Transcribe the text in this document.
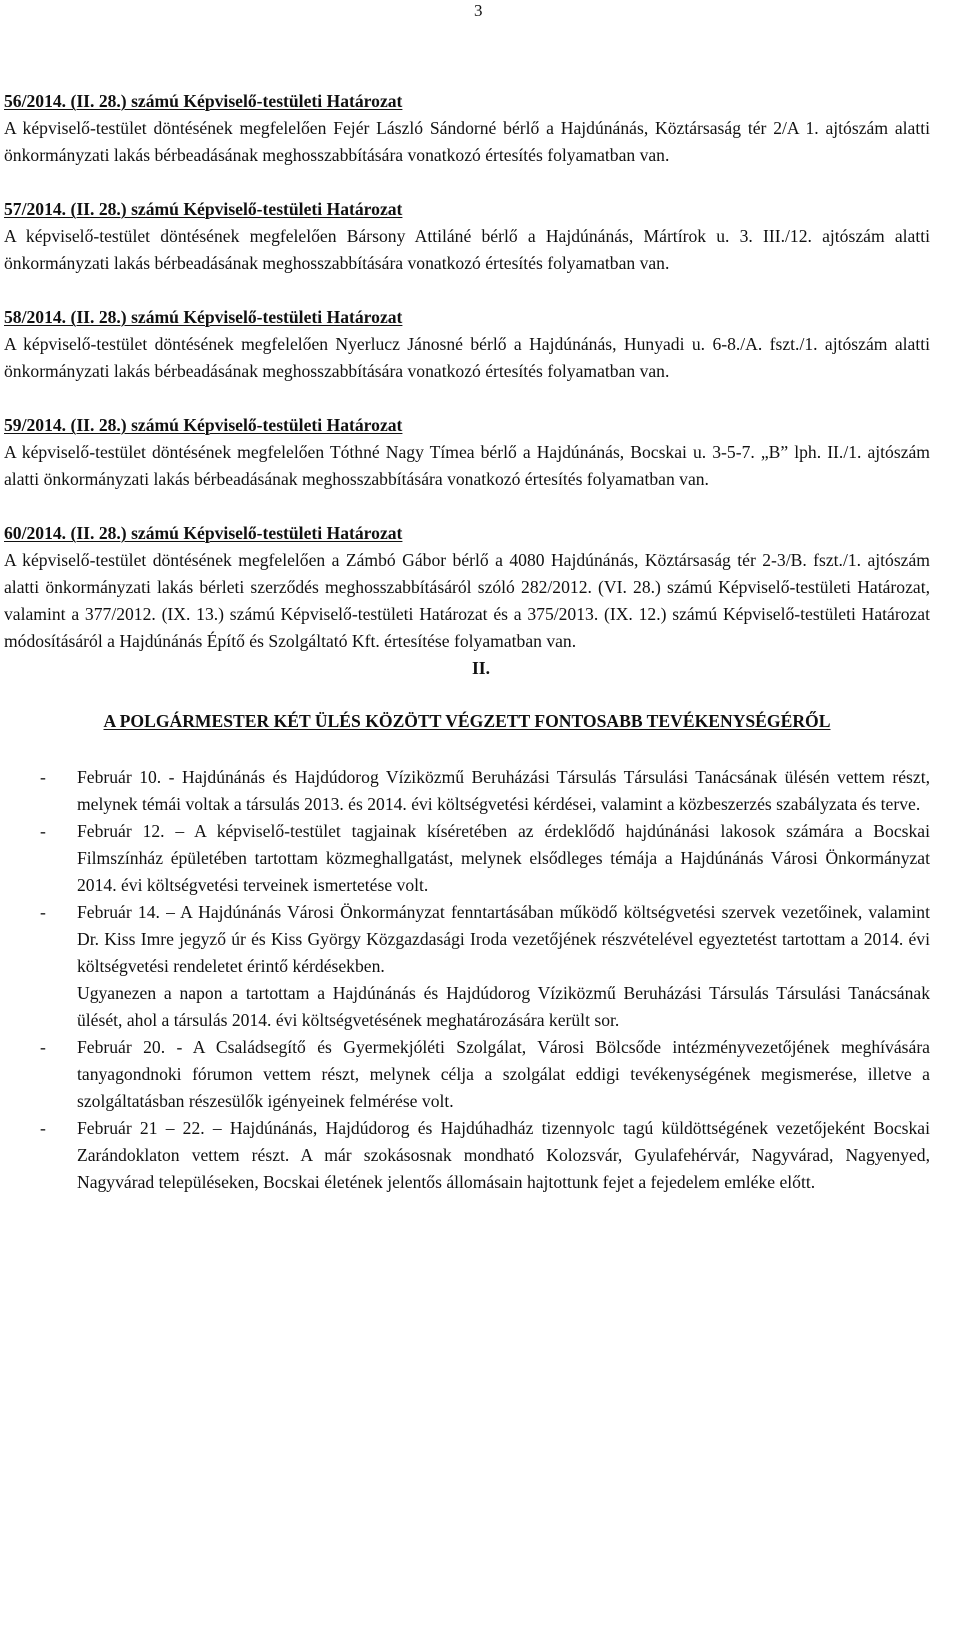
3
56/2014. (II. 28.) számú Képviselő-testületi Határozat
A képviselő-testület döntésének megfelelően Fejér László Sándorné bérlő a Hajdúnánás, Köztársaság tér 2/A 1. ajtószám alatti önkormányzati lakás bérbeadásának meghosszabbítására vonatkozó értesítés folyamatban van.
57/2014. (II. 28.) számú Képviselő-testületi Határozat
A képviselő-testület döntésének megfelelően Bársony Attiláné bérlő a Hajdúnánás, Mártírok u. 3. III./12. ajtószám alatti önkormányzati lakás bérbeadásának meghosszabbítására vonatkozó értesítés folyamatban van.
58/2014. (II. 28.) számú Képviselő-testületi Határozat
A képviselő-testület döntésének megfelelően Nyerlucz Jánosné bérlő a Hajdúnánás, Hunyadi u. 6-8./A. fszt./1. ajtószám alatti önkormányzati lakás bérbeadásának meghosszabbítására vonatkozó értesítés folyamatban van.
59/2014. (II. 28.) számú Képviselő-testületi Határozat
A képviselő-testület döntésének megfelelően Tóthné Nagy Tímea bérlő a Hajdúnánás, Bocskai u. 3-5-7. „B” lph. II./1. ajtószám alatti önkormányzati lakás bérbeadásának meghosszabbítására vonatkozó értesítés folyamatban van.
60/2014. (II. 28.) számú Képviselő-testületi Határozat
A képviselő-testület döntésének megfelelően a Zámbó Gábor bérlő a 4080 Hajdúnánás, Köztársaság tér 2-3/B. fszt./1. ajtószám alatti önkormányzati lakás bérleti szerződés meghosszabbításáról szóló 282/2012. (VI. 28.) számú Képviselő-testületi Határozat, valamint a 377/2012. (IX. 13.) számú Képviselő-testületi Határozat és a 375/2013. (IX. 12.) számú Képviselő-testületi Határozat módosításáról a Hajdúnánás Építő és Szolgáltató Kft. értesítése folyamatban van.
II.
A POLGÁRMESTER KÉT ÜLÉS KÖZÖTT VÉGZETT FONTOSABB TEVÉKENYSÉGÉRŐL
- Február 10. - Hajdúnánás és Hajdúdorog Víziközmű Beruházási Társulás Társulási Tanácsának ülésén vettem részt, melynek témái voltak a társulás 2013. és 2014. évi költségvetési kérdései, valamint a közbeszerzés szabályzata és terve.
- Február 12. – A képviselő-testület tagjainak kíséretében az érdeklődő hajdúnánási lakosok számára a Bocskai Filmszínház épületében tartottam közmeghallgatást, melynek elsődleges témája a Hajdúnánás Városi Önkormányzat 2014. évi költségvetési terveinek ismertetése volt.
- Február 14. – A Hajdúnánás Városi Önkormányzat fenntartásában működő költségvetési szervek vezetőinek, valamint Dr. Kiss Imre jegyző úr és Kiss György Közgazdasági Iroda vezetőjének részvételével egyeztetést tartottam a 2014. évi költségvetési rendeletet érintő kérdésekben.
Ugyanezen a napon a tartottam a Hajdúnánás és Hajdúdorog Víziközmű Beruházási Társulás Társulási Tanácsának ülését, ahol a társulás 2014. évi költségvetésének meghatározására került sor.
- Február 20. - A Családsegítő és Gyermekjóléti Szolgálat, Városi Bölcsőde intézményvezetőjének meghívására tanyagondnoki fórumon vettem részt, melynek célja a szolgálat eddigi tevékenységének megismerése, illetve a szolgáltatásban részesülők igényeinek felmérése volt.
- Február 21 – 22. – Hajdúnánás, Hajdúdorog és Hajdúhadház tizennyolc tagú küldöttségének vezetőjeként Bocskai Zarándoklaton vettem részt. A már szokásosnak mondható Kolozsvár, Gyulafehérvár, Nagyvárad, Nagyenyed, Nagyvárad településeken, Bocskai életének jelentős állomásain hajtottunk fejet a fejedelem emléke előtt.
